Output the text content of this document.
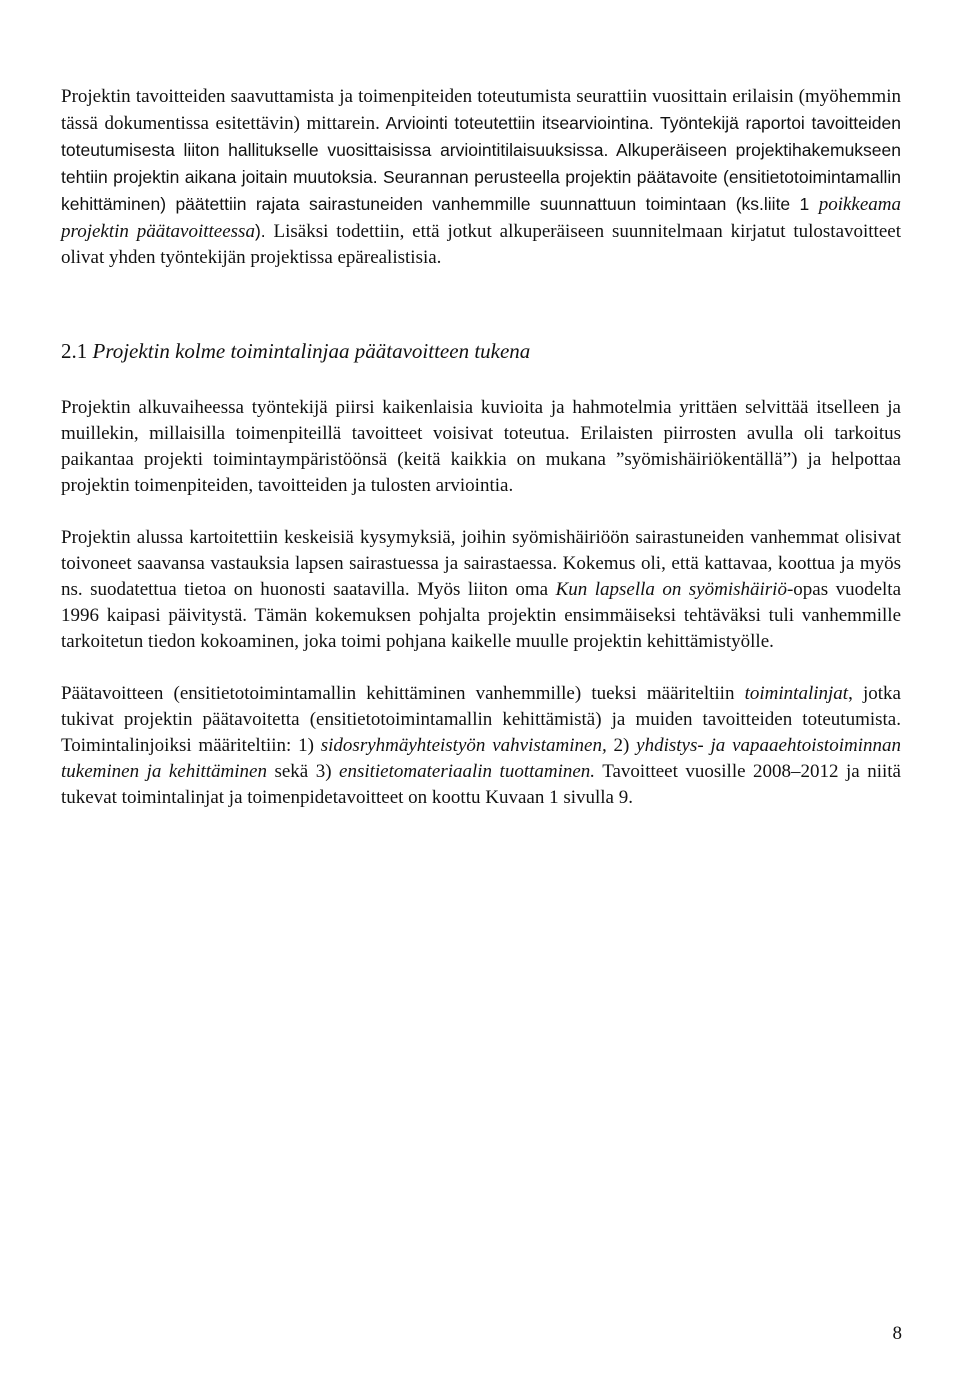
Projektin tavoitteiden saavuttamista ja toimenpiteiden toteutumista seurattiin vuosittain erilaisin (myöhemmin tässä dokumentissa esitettävin) mittarein. Arviointi toteutettiin itsearviointina. Työntekijä raportoi tavoitteiden toteutumisesta liiton hallitukselle vuosittaisissa arviointitilaisuuksissa. Alkuperäiseen projektihakemukseen tehtiin projektin aikana joitain muutoksia. Seurannan perusteella projektin päätavoite (ensitietotoimintamallin kehittäminen) päätettiin rajata sairastuneiden vanhemmille suunnattuun toimintaan (ks.liite 1 poikkeama projektin päätavoitteessa). Lisäksi todettiin, että jotkut alkuperäiseen suunnitelmaan kirjatut tulostavoitteet olivat yhden työntekijän projektissa epärealistisia.

2.1 Projektin kolme toimintalinjaa päätavoitteen tukena

Projektin alkuvaiheessa työntekijä piirsi kaikenlaisia kuvioita ja hahmotelmia yrittäen selvittää itselleen ja muillekin, millaisilla toimenpiteillä tavoitteet voisivat toteutua. Erilaisten piirrosten avulla oli tarkoitus paikantaa projekti toimintaympäristöönsä (keitä kaikkia on mukana ”syömishäiriökentällä”) ja helpottaa projektin toimenpiteiden, tavoitteiden ja tulosten arviointia.

Projektin alussa kartoitettiin keskeisiä kysymyksiä, joihin syömishäiriöön sairastuneiden vanhemmat olisivat toivoneet saavansa vastauksia lapsen sairastuessa ja sairastaessa. Kokemus oli, että kattavaa, koottua ja myös ns. suodatettua tietoa on huonosti saatavilla. Myös liiton oma Kun lapsella on syömishäiriö-opas vuodelta 1996 kaipasi päivitystä. Tämän kokemuksen pohjalta projektin ensimmäiseksi tehtäväksi tuli vanhemmille tarkoitetun tiedon kokoaminen, joka toimi pohjana kaikelle muulle projektin kehittämistyölle.

Päätavoitteen (ensitietotoimintamallin kehittäminen vanhemmille) tueksi määriteltiin toimintalinjat, jotka tukivat projektin päätavoitetta (ensitietotoimintamallin kehittämistä) ja muiden tavoitteiden toteutumista. Toimintalinjoiksi määriteltiin: 1) sidosryhmäyhteistyön vahvistaminen, 2) yhdistys- ja vapaaehtoistoiminnan tukeminen ja kehittäminen sekä 3) ensitietomateriaalin tuottaminen. Tavoitteet vuosille 2008–2012 ja niitä tukevat toimintalinjat ja toimenpidetavoitteet on koottu Kuvaan 1 sivulla 9.

8
